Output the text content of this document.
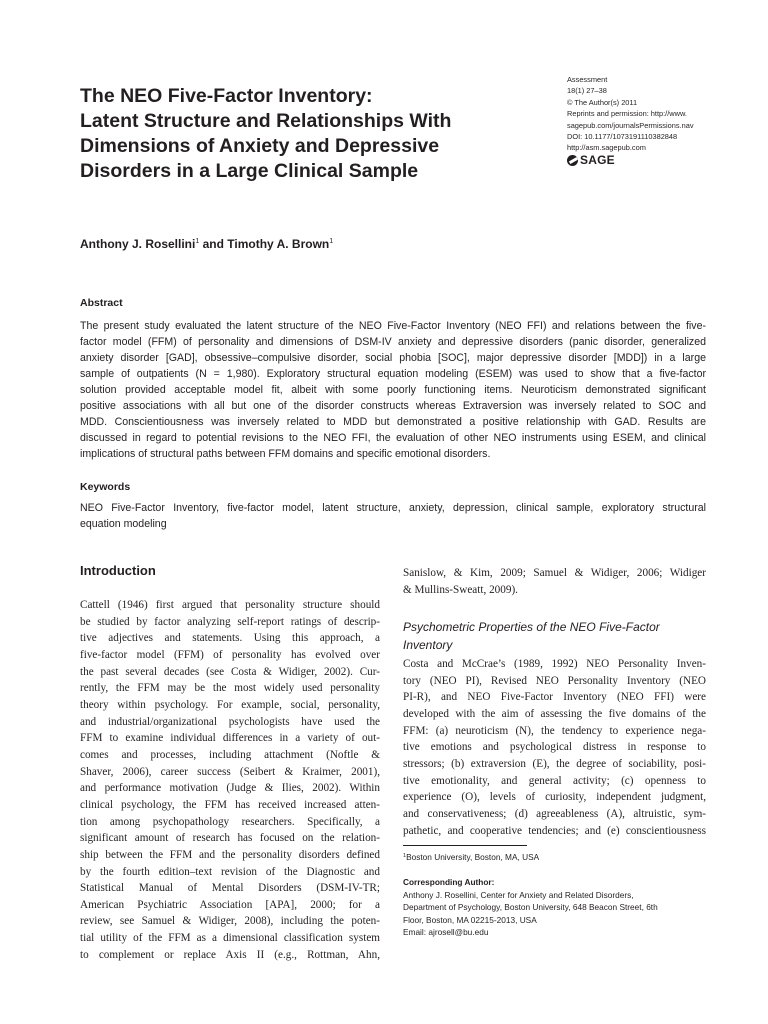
The NEO Five-Factor Inventory:
Latent Structure and Relationships With
Dimensions of Anxiety and Depressive
Disorders in a Large Clinical Sample
Assessment
18(1) 27–38
© The Author(s) 2011
Reprints and permission: http://www.
sagepub.com/journalsPermissions.nav
DOI: 10.1177/1073191110382848
http://asm.sagepub.com
SAGE
Anthony J. Rosellini$^1$ and Timothy A. Brown$^1$
Abstract
The present study evaluated the latent structure of the NEO Five-Factor Inventory (NEO FFI) and relations between the five-
factor model (FFM) of personality and dimensions of DSM-IV anxiety and depressive disorders (panic disorder, generalized
anxiety disorder [GAD], obsessive–compulsive disorder, social phobia [SOC], major depressive disorder [MDD]) in a large
sample of outpatients (N = 1,980). Exploratory structural equation modeling (ESEM) was used to show that a five-factor
solution provided acceptable model fit, albeit with some poorly functioning items. Neuroticism demonstrated significant
positive associations with all but one of the disorder constructs whereas Extraversion was inversely related to SOC and
MDD. Conscientiousness was inversely related to MDD but demonstrated a positive relationship with GAD. Results are
discussed in regard to potential revisions to the NEO FFI, the evaluation of other NEO instruments using ESEM, and clinical
implications of structural paths between FFM domains and specific emotional disorders.
Keywords
NEO Five-Factor Inventory, five-factor model, latent structure, anxiety, depression, clinical sample, exploratory structural
equation modeling
Introduction
Cattell (1946) first argued that personality structure should
be studied by factor analyzing self-report ratings of descrip-
tive adjectives and statements. Using this approach, a
five-factor model (FFM) of personality has evolved over
the past several decades (see Costa & Widiger, 2002). Cur-
rently, the FFM may be the most widely used personality
theory within psychology. For example, social, personality,
and industrial/organizational psychologists have used the
FFM to examine individual differences in a variety of out-
comes and processes, including attachment (Noftle &
Shaver, 2006), career success (Seibert & Kraimer, 2001),
and performance motivation (Judge & Ilies, 2002). Within
clinical psychology, the FFM has received increased atten-
tion among psychopathology researchers. Specifically, a
significant amount of research has focused on the relation-
ship between the FFM and the personality disorders defined
by the fourth edition–text revision of the Diagnostic and
Statistical Manual of Mental Disorders (DSM-IV-TR;
American Psychiatric Association [APA], 2000; for a
review, see Samuel & Widiger, 2008), including the poten-
tial utility of the FFM as a dimensional classification system
to complement or replace Axis II (e.g., Rottman, Ahn,
Sanislow, & Kim, 2009; Samuel & Widiger, 2006; Widiger
& Mullins-Sweatt, 2009).
Psychometric Properties of the NEO Five-Factor
Inventory
Costa and McCrae’s (1989, 1992) NEO Personality Inven-
tory (NEO PI), Revised NEO Personality Inventory (NEO
PI-R), and NEO Five-Factor Inventory (NEO FFI) were
developed with the aim of assessing the five domains of the
FFM: (a) neuroticism (N), the tendency to experience nega-
tive emotions and psychological distress in response to
stressors; (b) extraversion (E), the degree of sociability, posi-
tive emotionality, and general activity; (c) openness to
experience (O), levels of curiosity, independent judgment,
and conservativeness; (d) agreeableness (A), altruistic, sym-
pathetic, and cooperative tendencies; and (e) conscientiousness
$^1$Boston University, Boston, MA, USA
Corresponding Author:
Anthony J. Rosellini, Center for Anxiety and Related Disorders,
Department of Psychology, Boston University, 648 Beacon Street, 6th
Floor, Boston, MA 02215-2013, USA
Email: ajrosell@bu.edu
